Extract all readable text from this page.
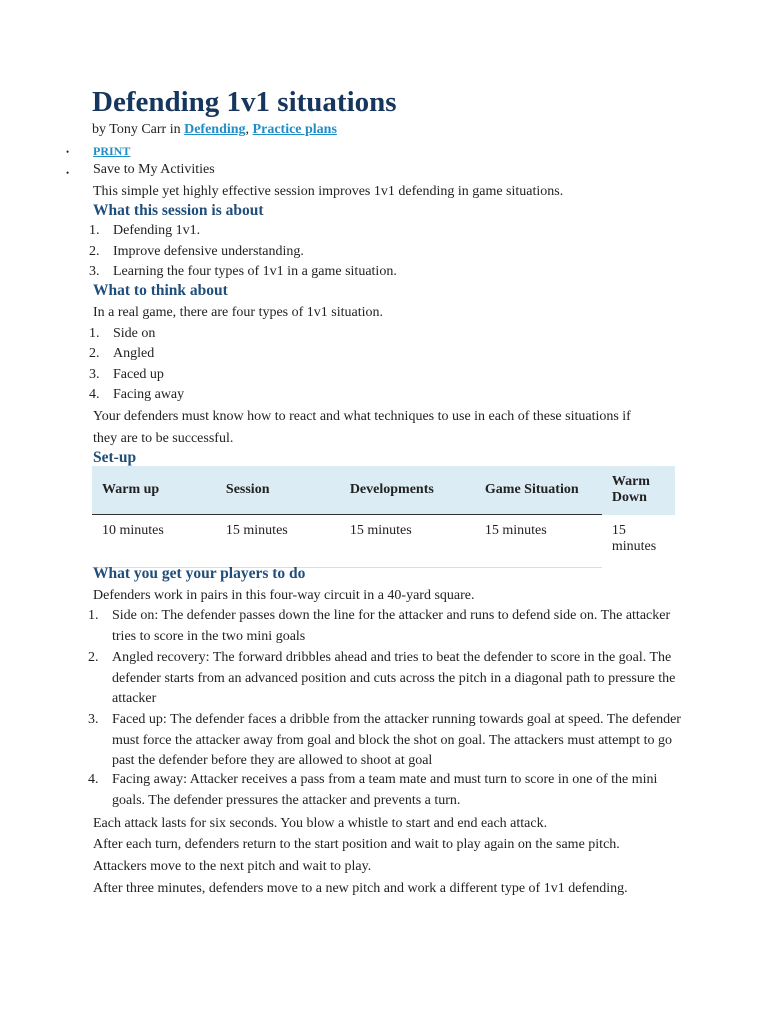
Defending 1v1 situations
by Tony Carr in Defending, Practice plans
• PRINT
• Save to My Activities
This simple yet highly effective session improves 1v1 defending in game situations.
What this session is about
1. Defending 1v1.
2. Improve defensive understanding.
3. Learning the four types of 1v1 in a game situation.
What to think about
In a real game, there are four types of 1v1 situation.
1. Side on
2. Angled
3. Faced up
4. Facing away
Your defenders must know how to react and what techniques to use in each of these situations if they are to be successful.
Set-up
Warm up	Session	Developments	Game Situation	Warm Down
10 minutes	15 minutes	15 minutes	15 minutes	15 minutes
What you get your players to do
Defenders work in pairs in this four-way circuit in a 40-yard square.
1. Side on: The defender passes down the line for the attacker and runs to defend side on. The attacker tries to score in the two mini goals
2. Angled recovery: The forward dribbles ahead and tries to beat the defender to score in the goal. The defender starts from an advanced position and cuts across the pitch in a diagonal path to pressure the attacker
3. Faced up: The defender faces a dribble from the attacker running towards goal at speed. The defender must force the attacker away from goal and block the shot on goal. The attackers must attempt to go past the defender before they are allowed to shoot at goal
4. Facing away: Attacker receives a pass from a team mate and must turn to score in one of the mini goals. The defender pressures the attacker and prevents a turn.
Each attack lasts for six seconds. You blow a whistle to start and end each attack.
After each turn, defenders return to the start position and wait to play again on the same pitch. Attackers move to the next pitch and wait to play.
After three minutes, defenders move to a new pitch and work a different type of 1v1 defending.
